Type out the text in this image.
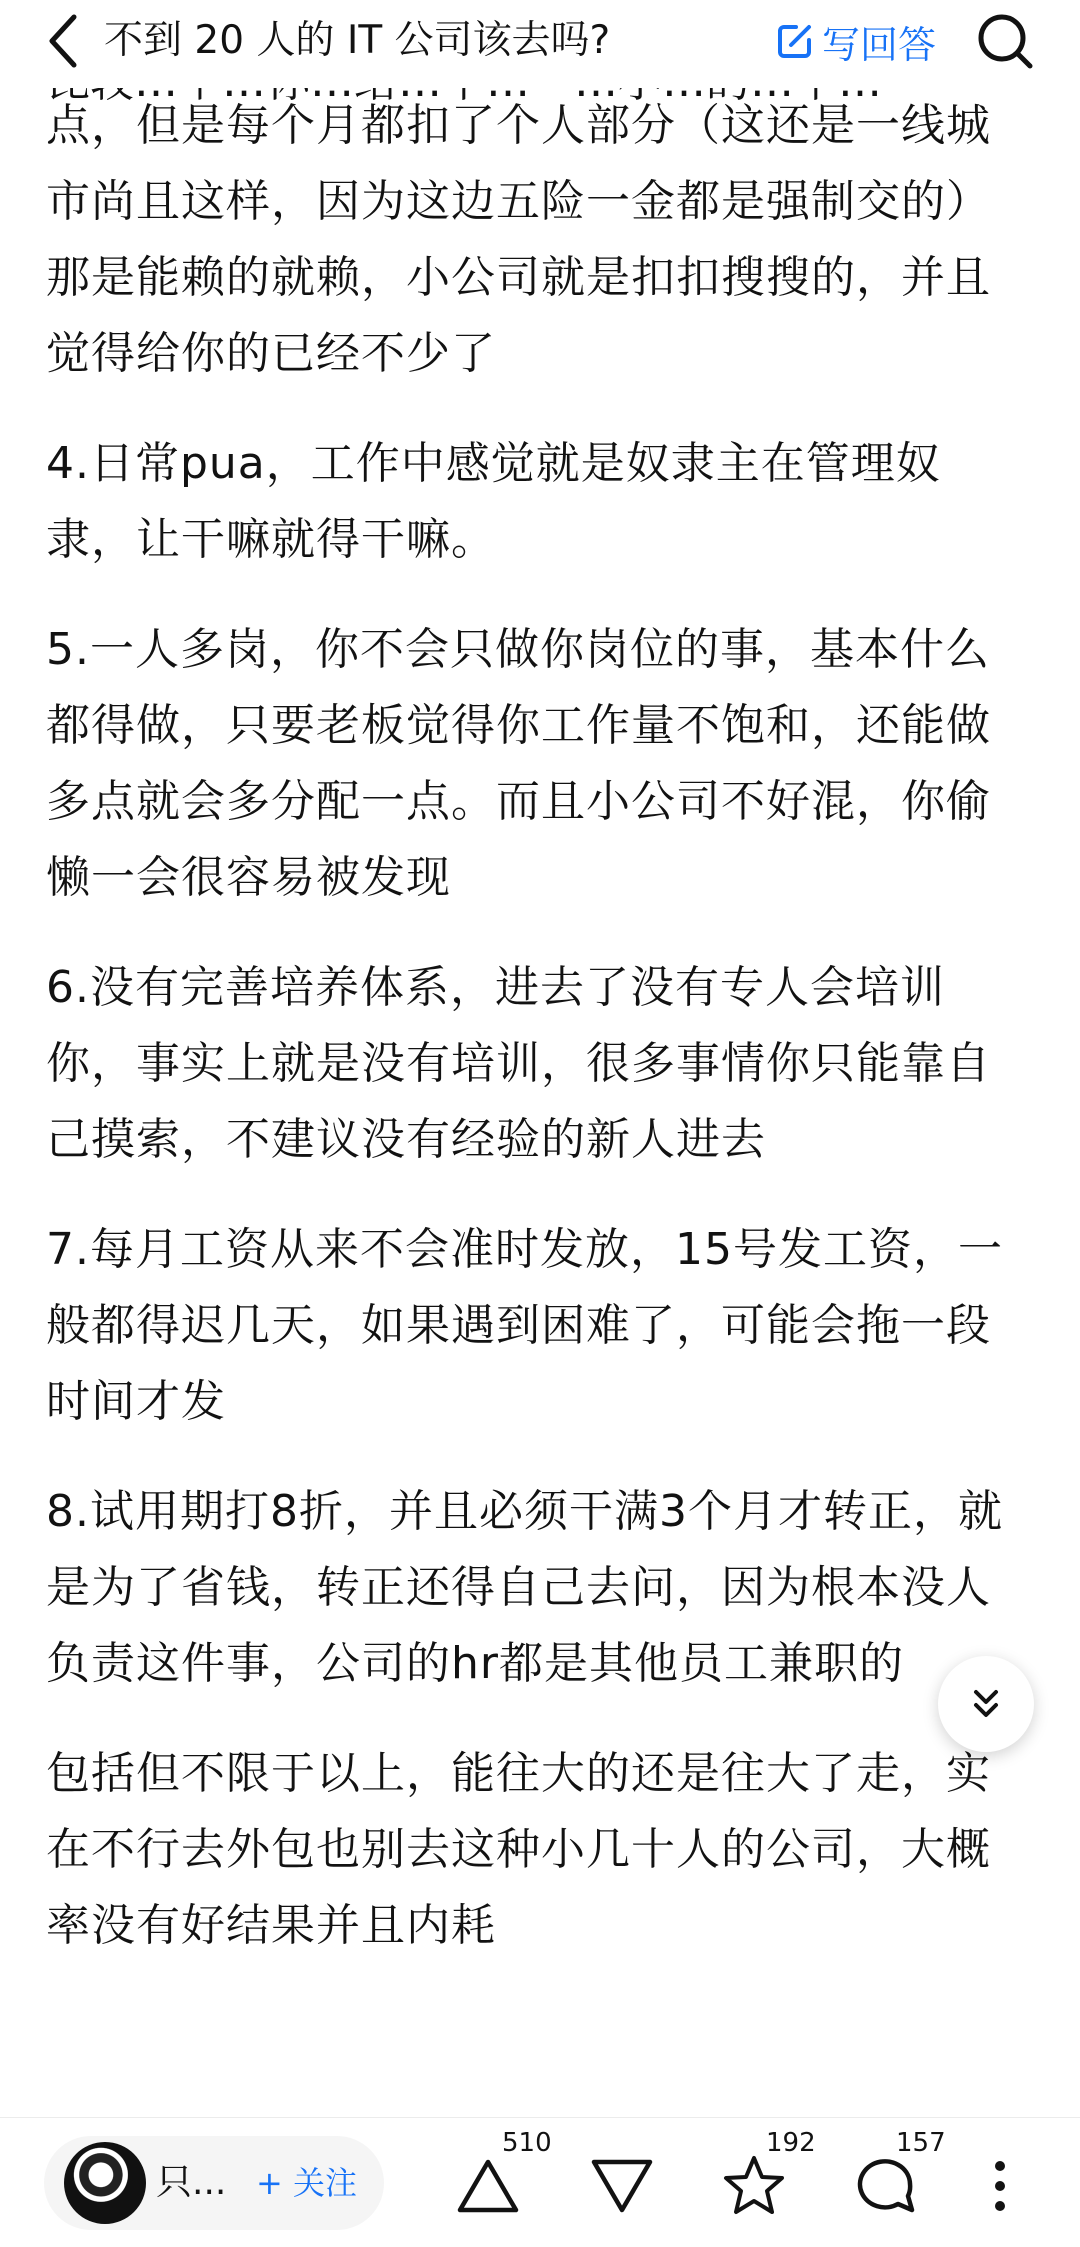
不到 20 人的 IT 公司该去吗?	写回答
点，但是每个月都扣了个人部分（这还是一线城
市尚且这样，因为这边五险一金都是强制交的）
那是能赖的就赖，小公司就是扣扣搜搜的，并且
觉得给你的已经不少了
4.日常pua，工作中感觉就是奴隶主在管理奴
隶，让干嘛就得干嘛。
5.一人多岗，你不会只做你岗位的事，基本什么
都得做，只要老板觉得你工作量不饱和，还能做
多点就会多分配一点。而且小公司不好混，你偷
懒一会很容易被发现
6.没有完善培养体系，进去了没有专人会培训
你，事实上就是没有培训，很多事情你只能靠自
己摸索，不建议没有经验的新人进去
7.每月工资从来不会准时发放，15号发工资，一
般都得迟几天，如果遇到困难了，可能会拖一段
时间才发
8.试用期打8折，并且必须干满3个月才转正，就
是为了省钱，转正还得自己去问，因为根本没人
负责这件事，公司的hr都是其他员工兼职的
包括但不限于以上，能往大的还是往大了走，实
在不行去外包也别去这种小几十人的公司，大概
率没有好结果并且内耗
只... + 关注
510	192	157
